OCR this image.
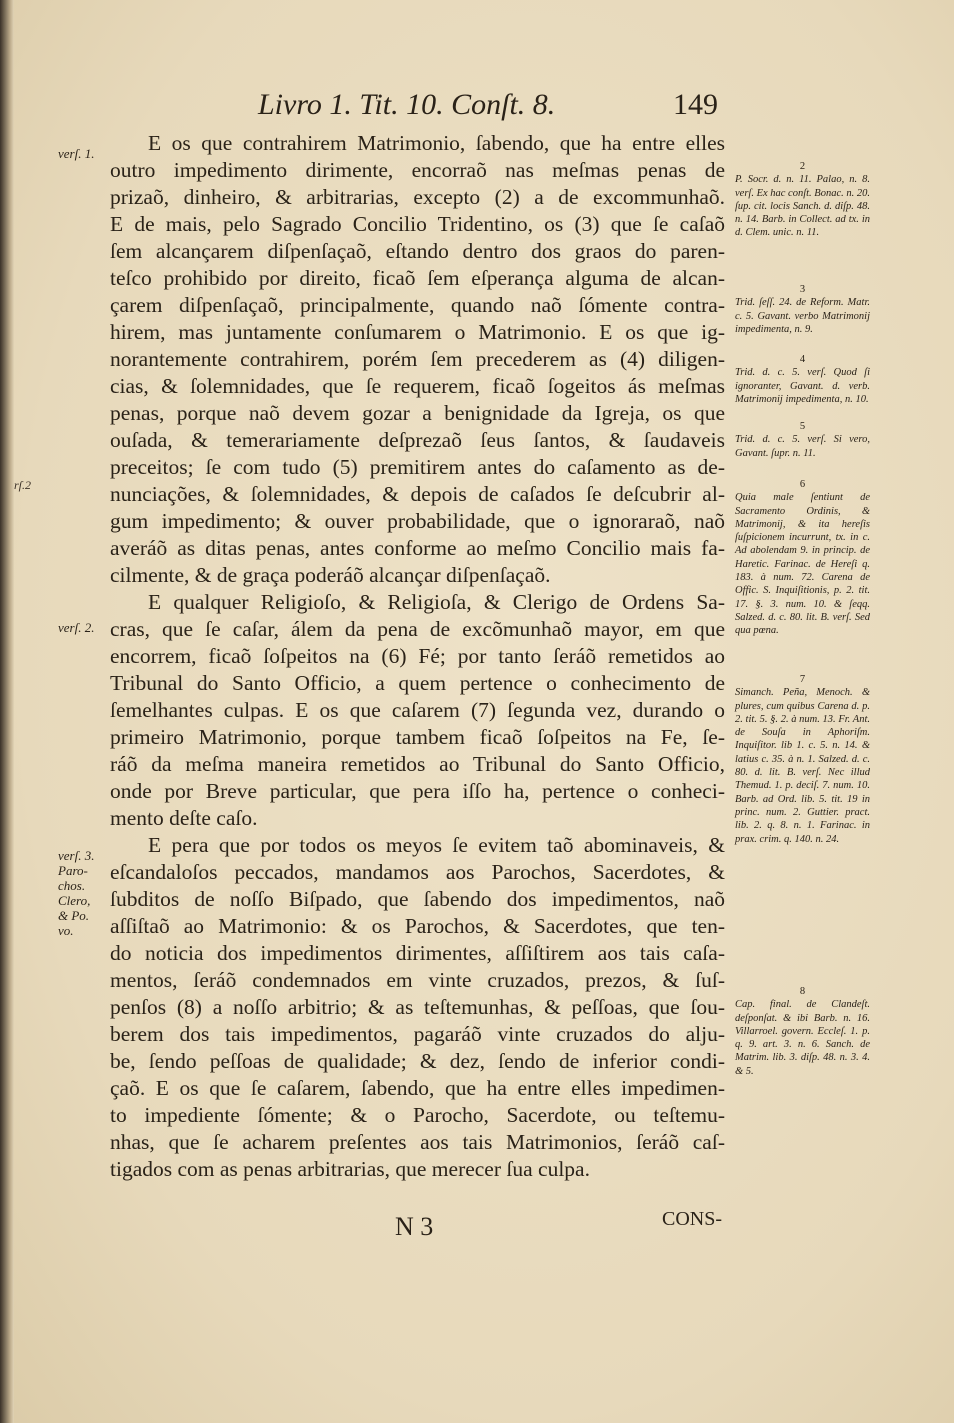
rſ.2
Livro 1. Tit. 10. Conſt. 8.	149
verſ. 1.
verſ. 2.
verſ. 3.
Paro-
chos.
Clero,
& Po.
vo.
E os que contrahirem Matrimonio, ſabendo, que ha entre elles
outro impedimento dirimente, encorraõ nas meſmas penas de
prizaõ, dinheiro, & arbitrarias, excepto (2) a de excommunhaõ.
E de mais, pelo Sagrado Concilio Tridentino, os (3) que ſe caſaõ
ſem alcançarem diſpenſaçaõ, eſtando dentro dos graos do paren-
teſco prohibido por direito, ficaõ ſem eſperança alguma de alcan-
çarem diſpenſaçaõ, principalmente, quando naõ ſómente contra-
hirem, mas juntamente conſumarem o Matrimonio. E os que ig-
norantemente contrahirem, porém ſem precederem as (4) diligen-
cias, & ſolemnidades, que ſe requerem, ficaõ ſogeitos ás meſmas
penas, porque naõ devem gozar a benignidade da Igreja, os que
ouſada, & temerariamente deſprezaõ ſeus ſantos, & ſaudaveis
preceitos; ſe com tudo (5) premitirem antes do caſamento as de-
nunciações, & ſolemnidades, & depois de caſados ſe deſcubrir al-
gum impedimento; & ouver probabilidade, que o ignoraraõ, naõ
averáõ as ditas penas, antes conforme ao meſmo Concilio mais fa-
cilmente, & de graça poderáõ alcançar diſpenſaçaõ.
E qualquer Religioſo, & Religioſa, & Clerigo de Ordens Sa-
cras, que ſe caſar, álem da pena de excõmunhaõ mayor, em que
encorrem, ficaõ ſoſpeitos na (6) Fé; por tanto ſeráõ remetidos ao
Tribunal do Santo Officio, a quem pertence o conhecimento de
ſemelhantes culpas. E os que caſarem (7) ſegunda vez, durando o
primeiro Matrimonio, porque tambem ficaõ ſoſpeitos na Fe, ſe-
ráõ da meſma maneira remetidos ao Tribunal do Santo Officio,
onde por Breve particular, que pera iſſo ha, pertence o conheci-
mento deſte caſo.
E pera que por todos os meyos ſe evitem taõ abominaveis, &
eſcandaloſos peccados, mandamos aos Parochos, Sacerdotes, &
ſubditos de noſſo Biſpado, que ſabendo dos impedimentos, naõ
aſſiſtaõ ao Matrimonio: & os Parochos, & Sacerdotes, que ten-
do noticia dos impedimentos dirimentes, aſſiſtirem aos tais caſa-
mentos, ſeráõ condemnados em vinte cruzados, prezos, & ſuſ-
penſos (8) a noſſo arbitrio; & as teſtemunhas, & peſſoas, que ſou-
berem dos tais impedimentos, pagaráõ vinte cruzados do alju-
be, ſendo peſſoas de qualidade; & dez, ſendo de inferior condi-
çaõ. E os que ſe caſarem, ſabendo, que ha entre elles impedimen-
to impediente ſómente; & o Parocho, Sacerdote, ou teſtemu-
nhas, que ſe acharem preſentes aos tais Matrimonios, ſeráõ caſ-
tigados com as penas arbitrarias, que merecer ſua culpa.
2
P. Socr. d. n. 11. Palao, n. 8. verſ. Ex hac conſt. Bonac. n. 20. ſup. cit. locis Sanch. d. diſp. 48. n. 14. Barb. in Collect. ad tx. in d. Clem. unic. n. 11.
3
Trid. ſeſſ. 24. de Reform. Matr. c. 5. Gavant. verbo Matrimonij impedimenta, n. 9.
4
Trid. d. c. 5. verſ. Quod ſi ignoranter, Gavant. d. verb. Matrimonij impedimenta, n. 10.
5
Trid. d. c. 5. verſ. Si vero, Gavant. ſupr. n. 11.
6
Quia male ſentiunt de Sacramento Ordinis, & Matrimonij, & ita hereſis ſuſpicionem incurrunt, tx. in c. Ad abolendam 9. in princip. de Haretic. Farinac. de Hereſi q. 183. à num. 72. Carena de Offic. S. Inquiſitionis, p. 2. tit. 17. §. 3. num. 10. & ſeqq. Salzed. d. c. 80. lit. B. verſ. Sed qua pœna.
7
Simanch. Peña, Menoch. & plures, cum quibus Carena d. p. 2. tit. 5. §. 2. à num. 13. Fr. Ant. de Souſa in Aphoriſm. Inquiſitor. lib 1. c. 5. n. 14. & latius c. 35. à n. 1. Salzed. d. c. 80. d. lit. B. verſ. Nec illud Themud. 1. p. deciſ. 7. num. 10. Barb. ad Ord. lib. 5. tit. 19 in princ. num. 2. Guttier. pract. lib. 2. q. 8. n. 1. Farinac. in prax. crim. q. 140. n. 24.
8
Cap. final. de Clandeſt. deſponſat. & ibi Barb. n. 16. Villarroel. govern. Eccleſ. 1. p. q. 9. art. 3. n. 6. Sanch. de Matrim. lib. 3. diſp. 48. n. 3. 4. & 5.
N 3	CONS-
